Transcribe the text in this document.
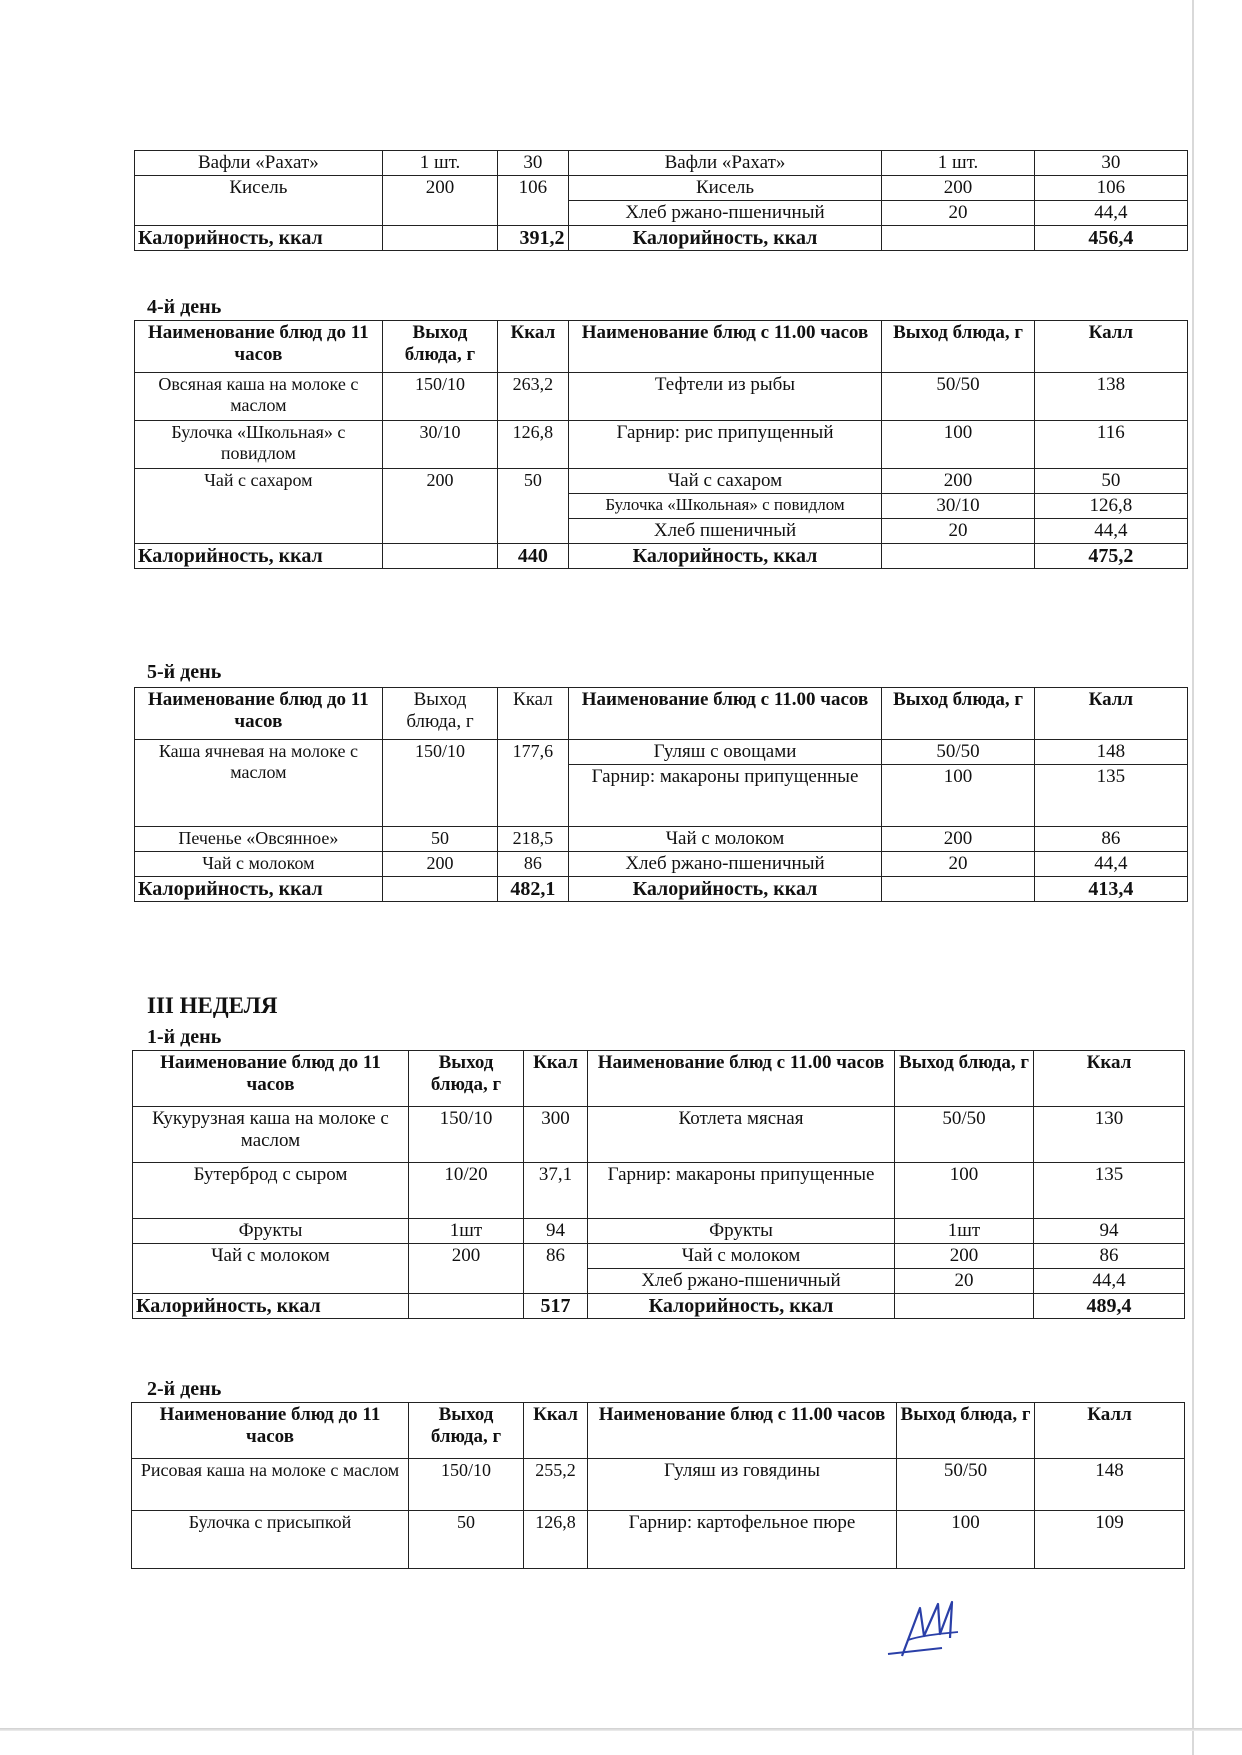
Вафли «Рахат»	1 шт.	30	Вафли «Рахат»	1 шт.	30
Кисель	200	106	Кисель	200	106
			Хлеб ржано-пшеничный	20	44,4
Калорийность, ккал		391,2	Калорийность, ккал		456,4
4-й день
Наименование блюд до 11 часов	Выход блюда, г	Ккал	Наименование блюд с 11.00 часов	Выход блюда, г	Калл
Овсяная каша на молоке с маслом	150/10	263,2	Тефтели из рыбы	50/50	138
Булочка «Школьная» с повидлом	30/10	126,8	Гарнир: рис припущенный	100	116
Чай с сахаром	200	50	Чай с сахаром	200	50
			Булочка «Школьная» с повидлом	30/10	126,8
			Хлеб пшеничный	20	44,4
Калорийность, ккал		440	Калорийность, ккал		475,2
5-й день
Наименование блюд до 11 часов	Выход блюда, г	Ккал	Наименование блюд с 11.00 часов	Выход блюда, г	Калл
Каша ячневая на молоке с маслом	150/10	177,6	Гуляш с овощами	50/50	148
			Гарнир: макароны припущенные	100	135
Печенье «Овсянное»	50	218,5	Чай с молоком	200	86
Чай с молоком	200	86	Хлеб ржано-пшеничный	20	44,4
Калорийность, ккал		482,1	Калорийность, ккал		413,4
III НЕДЕЛЯ
1-й день
Наименование блюд до 11 часов	Выход блюда, г	Ккал	Наименование блюд с 11.00 часов	Выход блюда, г	Ккал
Кукурузная каша на молоке с маслом	150/10	300	Котлета мясная	50/50	130
Бутерброд с сыром	10/20	37,1	Гарнир: макароны припущенные	100	135
Фрукты	1шт	94	Фрукты	1шт	94
Чай с молоком	200	86	Чай с молоком	200	86
			Хлеб ржано-пшеничный	20	44,4
Калорийность, ккал		517	Калорийность, ккал		489,4
2-й день
Наименование блюд до 11 часов	Выход блюда, г	Ккал	Наименование блюд с 11.00 часов	Выход блюда, г	Калл
Рисовая каша на молоке с маслом	150/10	255,2	Гуляш из говядины	50/50	148
Булочка с присыпкой	50	126,8	Гарнир: картофельное пюре	100	109
